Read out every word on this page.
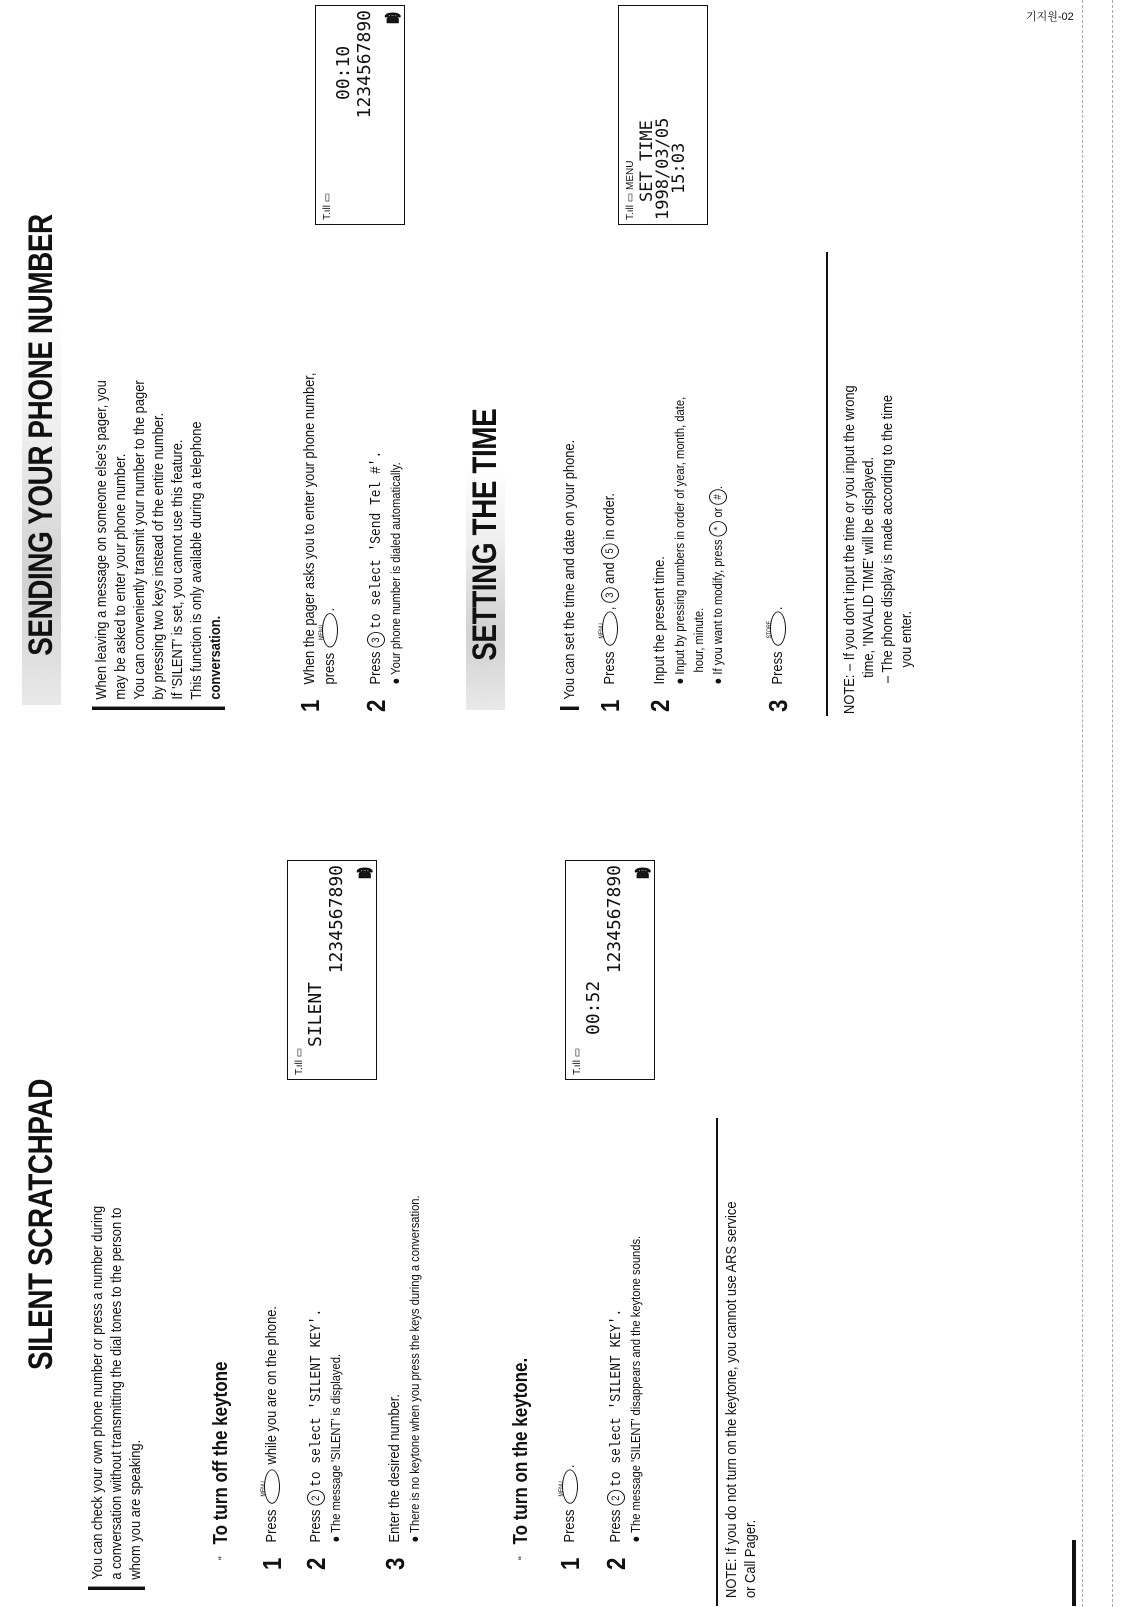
기지원-02
SILENT SCRATCHPAD You can check your own phone number or press a number during a conversation without transmitting the dial tones to the person to whom you are speaking.	"To turn off the keytone
1Press
MENU
while you are on the phone.
2Press 2 to select 'SILENT KEY'.
● The message 'SILENT' is displayed.
3Enter the desired number. ● There is no keytone when you press the keys during a conversation.
"To turn on the keytone.
1Press
MENU
.
2Press 2 to select 'SILENT KEY'.
● The message 'SILENT' disappears and the keytone sounds.	NOTE: If you do not turn on the keytone, you cannot use ARS service or Call Pager.
T.ıll ▭
SILENT
1234567890 ☎
T.ıll ▭
00:52
1234567890 ☎
SENDING YOUR PHONE NUMBER When leaving a message on someone else's pager, you may be asked to enter your phone number. You can conveniently transmit your number to the pager by pressing two keys instead of the entire number. If 'SILENT' is set, you cannot use this feature. This function is only available during a telephone conversation.
1When the pager asks you to enter your phone number, press
MENU
.
2Press 3 to select 'Send Tel #'.
● Your phone number is dialed automatically.
T.ıll ▭
00:10 1234567890 ☎
SETTING THE TIME	You can set the time and date on your phone.
1Press
MENU
, 3 and 5 in order.
2Input the present time. ● Input by pressing numbers in order of year, month, date, hour, minute.
● If you want to modify, press * or #.
3Press
STORE
.	NOTE: – If you don't input the time or you input the wrong time, 'INVALID TIME' will be displayed. – The phone display is made according to the time you enter.
T.ıll ▭ MENU SET TIME
1998/03/05
15:03
